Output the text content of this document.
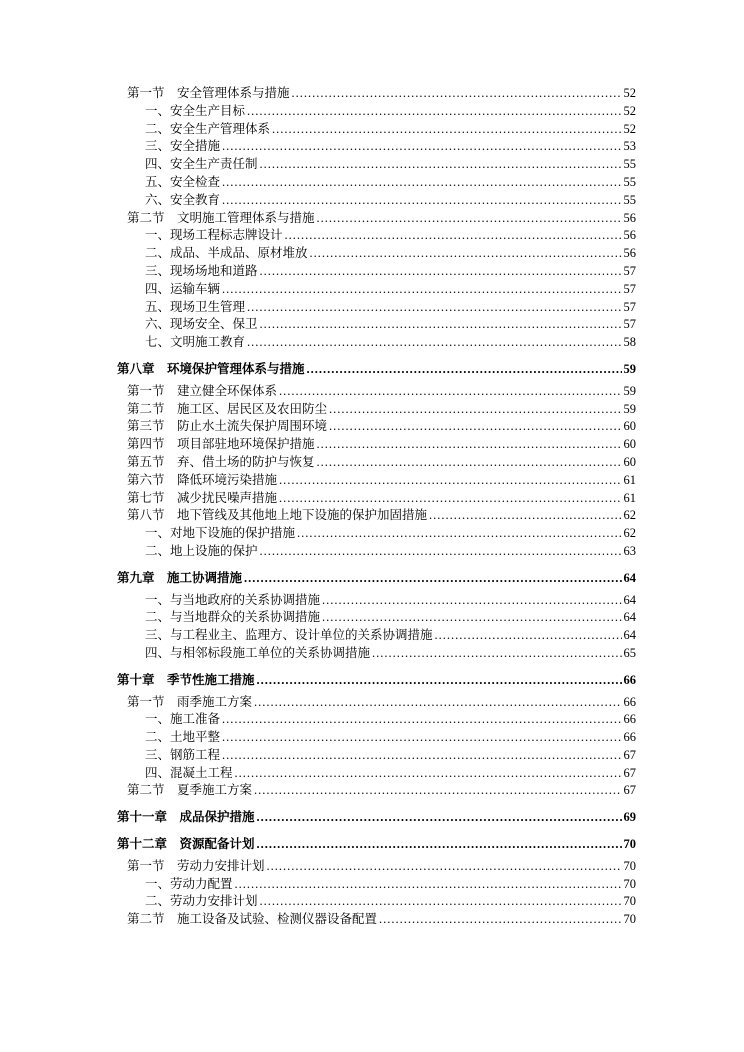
第一节　安全管理体系与措施 .....	52
一、安全生产目标 .....	52
二、安全生产管理体系 .....	52
三、安全措施 .....	53
四、安全生产责任制 .....	55
五、安全检查 .....	55
六、安全教育 .....	55
第二节　文明施工管理体系与措施 .....	56
一、现场工程标志牌设计 .....	56
二、成品、半成品、原材堆放 .....	56
三、现场场地和道路 .....	57
四、运输车辆 .....	57
五、现场卫生管理 .....	57
六、现场安全、保卫 .....	57
七、文明施工教育 .....	58
第八章　环境保护管理体系与措施 .....	59
第一节　建立健全环保体系 .....	59
第二节　施工区、居民区及农田防尘 .....	59
第三节　防止水土流失保护周围环境 .....	60
第四节　项目部驻地环境保护措施 .....	60
第五节　弃、借土场的防护与恢复 .....	60
第六节　降低环境污染措施 .....	61
第七节　减少扰民噪声措施 .....	61
第八节　地下管线及其他地上地下设施的保护加固措施 .....	62
一、对地下设施的保护措施 .....	62
二、地上设施的保护 .....	63
第九章　施工协调措施 .....	64
一、与当地政府的关系协调措施 .....	64
二、与当地群众的关系协调措施 .....	64
三、与工程业主、监理方、设计单位的关系协调措施 .....	64
四、与相邻标段施工单位的关系协调措施 .....	65
第十章　季节性施工措施 .....	66
第一节　雨季施工方案 .....	66
一、施工准备 .....	66
二、土地平整 .....	66
三、钢筋工程 .....	67
四、混凝土工程 .....	67
第二节　夏季施工方案 .....	67
第十一章　成品保护措施 .....	69
第十二章　资源配备计划 .....	70
第一节　劳动力安排计划 .....	70
一、劳动力配置 .....	70
二、劳动力安排计划 .....	70
第二节　施工设备及试验、检测仪器设备配置 .....	70
